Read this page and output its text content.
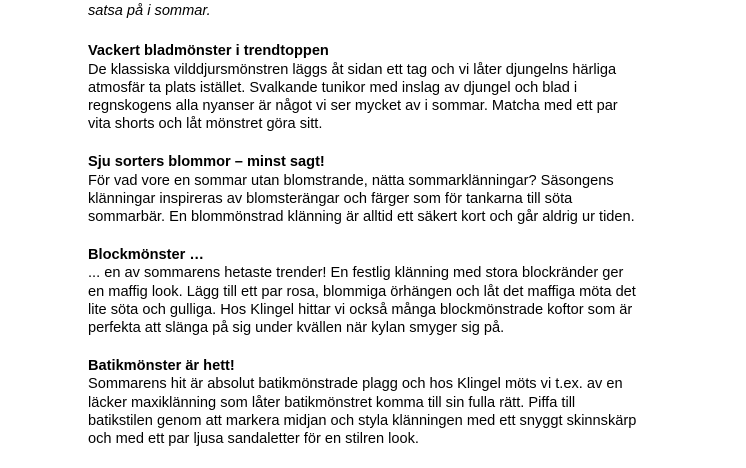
satsa på i sommar.

Vackert bladmönster i trendtoppen

De klassiska vilddjursmönstren läggs åt sidan ett tag och vi låter djungelns härliga
atmosfär ta plats istället. Svalkande tunikor med inslag av djungel och blad i
regnskogens alla nyanser är något vi ser mycket av i sommar. Matcha med ett par
vita shorts och låt mönstret göra sitt.

Sju sorters blommor – minst sagt!

För vad vore en sommar utan blomstrande, nätta sommarklänningar? Säsongens
klänningar inspireras av blomsterängar och färger som för tankarna till söta
sommarbär. En blommönstrad klänning är alltid ett säkert kort och går aldrig ur tiden.

Blockmönster …

... en av sommarens hetaste trender! En festlig klänning med stora blockränder ger
en maffig look. Lägg till ett par rosa, blommiga örhängen och låt det maffiga möta det
lite söta och gulliga. Hos Klingel hittar vi också många blockmönstrade koftor som är
perfekta att slänga på sig under kvällen när kylan smyger sig på.

Batikmönster är hett!

Sommarens hit är absolut batikmönstrade plagg och hos Klingel möts vi t.ex. av en
läcker maxiklänning som låter batikmönstret komma till sin fulla rätt. Piffa till
batikstilen genom att markera midjan och styla klänningen med ett snyggt skinnskärp
och med ett par ljusa sandaletter för en stilren look.
